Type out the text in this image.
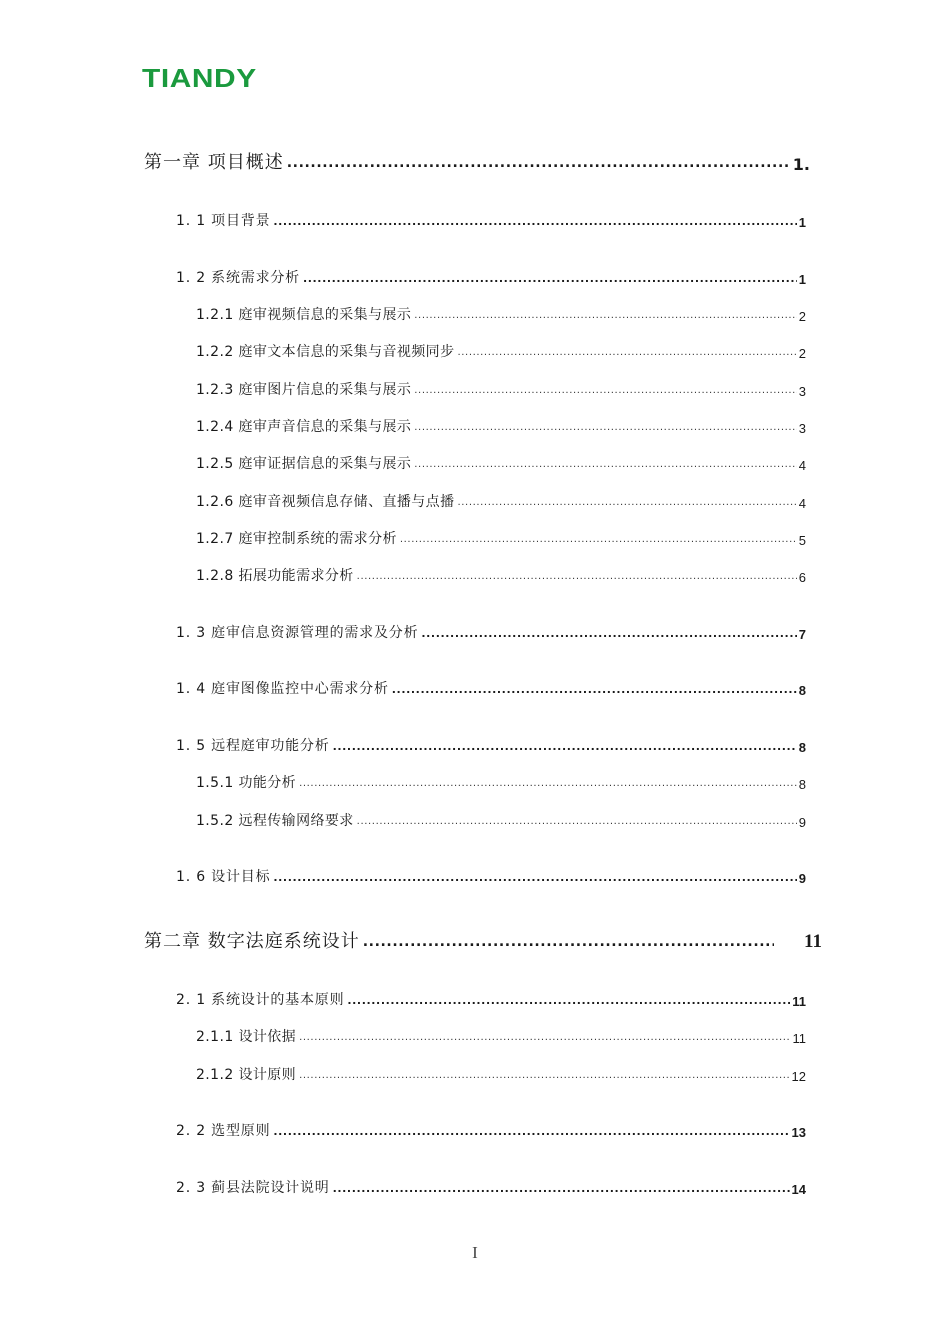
TIANDY
第一章 项目概述 .....	1.
1. 1 项目背景 .....	1
1. 2 系统需求分析 .....	1
1.2.1 庭审视频信息的采集与展示 .....	2
1.2.2 庭审文本信息的采集与音视频同步 .....	2
1.2.3 庭审图片信息的采集与展示 .....	3
1.2.4 庭审声音信息的采集与展示 .....	3
1.2.5 庭审证据信息的采集与展示 .....	4
1.2.6 庭审音视频信息存储、直播与点播 .....	4
1.2.7 庭审控制系统的需求分析 .....	5
1.2.8 拓展功能需求分析 .....	6
1. 3 庭审信息资源管理的需求及分析 .....	7
1. 4 庭审图像监控中心需求分析 .....	8
1. 5 远程庭审功能分析 .....	8
1.5.1 功能分析 .....	8
1.5.2 远程传输网络要求 .....	9
1. 6 设计目标 .....	9
第二章 数字法庭系统设计 .....	11
2. 1 系统设计的基本原则 .....	11
2.1.1 设计依据 .....	11
2.1.2 设计原则 .....	12
2. 2 选型原则 .....	13
2. 3 蓟县法院设计说明 .....	14
I
